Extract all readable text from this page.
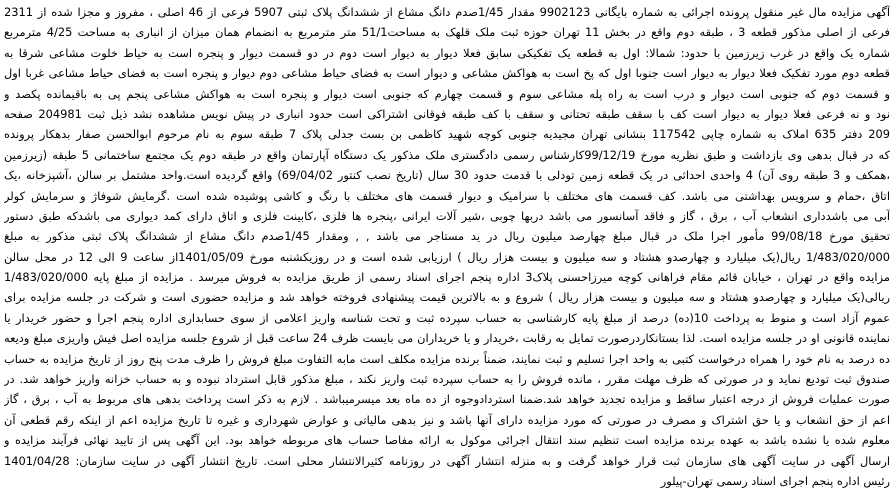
آگهی مزایده مال غیر منقول پرونده اجرائی به شماره بایگانی 9902123 مقدار 1/45صدم دانگ مشاع از ششدانگ پلاک ثبتی 5907 فرعی از 46 اصلی ، مفروز و مجزا شده از 2311
فرعی از اصلی مذکور قطعه 3 ، طبقه دوم واقع در بخش 11 تهران حوزه ثبت ملک قلهک به مساحت51/1 متر مترمربع به انضمام همان میزان از انباری به مساحت 4/25 مترمربع
شماره یک واقع در غرب زیرزمین با حدود: شمالا: اول به قطعه یک تفکیکی سابق فعلا دیوار به دیوار است دوم در دو قسمت دیوار و پنجره است به حیاط خلوت مشاعی شرقا به
قطعه دوم مورد تفکیک فعلا دیوار به دیوار است جنوبا اول که پخ است به هواکش مشاعی و دیوار است به فضای حیاط مشاعی دوم دیوار و پنجره است به فضای حیاط مشاعی غربا اول
و قسمت دوم که جنوبی است دیوار و درب است به راه پله مشاعی سوم و قسمت چهارم که جنوبی است دیوار و پنجره است به هواکش مشاعی پنجم پی به باقیمانده پکصد و
نود و نه فرعی فعلا دیوار به دیوار است کف با سقف طبقه تحتانی و سقف با کف طبقه فوقانی اشتراکی است حدود انباری در پیش نویس مشاهده نشد ذیل ثبت 204981 صفحه
209 دفتر 635 املاک به شماره چاپی 117542 بنشانی تهران مجیدیه جنوبی کوچه شهید کاظمی بن بست جدلی پلاک 7 طبقه سوم به نام مرحوم ابوالحسن صفار بدهکار پرونده
که در قبال بدهی وی بازداشت و طبق نظریه مورخ 99/12/19کارشناس رسمی دادگستری ملک مذکور یک دستگاه آپارتمان واقع در طبقه دوم یک مجتمع ساختمانی 5 طبقه (زیرزمین
،همکف و 3 طبقه روی آن) 4 واحدی احداثی در یک قطعه زمین تودلی با قدمت حدود 30 سال (تاریخ نصب کنتور 69/04/02) واقع گردیده است.واحد مشتمل بر سالن ،آشپزخانه ،یک
اتاق ،حمام و سرویس بهداشتی می باشد. کف قسمت های مختلف با سرامیک و دیوار قسمت های مختلف با رنگ و کاشی پوشیده شده است .گرمایش شوفاژ و سرمایش کولر
آبی می باشدداری انشعاب آب ، برق ، گاز و فاقد آسانسور می باشد دربها چوبی ،شیر آلات ایرانی ،پنجره ها فلزی ،کابینت فلزی و اتاق دارای کمد دیواری می باشدکه طبق دستور
تحقیق مورخ 99/08/18 مأمور اجرا ملک در قبال مبلغ چهارصد میلیون ریال در ید مستاجر می باشد , , ومقدار 1/45صدم دانگ مشاع از ششدانگ پلاک ثبتی مذکور به مبلغ
1/483/020/000 ریال(یک میلیارد و چهارصدو هشتاد و سه میلیون و بیست هزار ریال ) ارزیابی شده است و در روزیکشنبه مورخ 1401/05/09از ساعت 9 الی 12 در محل سالن
مزایده واقع در تهران ، خیابان قائم مقام فراهانی کوچه میرزاحسنی پلاک3 اداره پنجم اجرای اسناد رسمی از طریق مزایده به فروش میرسد . مزایده از مبلغ پایه 1/483/020/000
ریالی(یک میلیارد و چهارصدو هشتاد و سه میلیون و بیست هزار ریال ) شروع و به بالاترین قیمت پیشنهادی فروخته خواهد شد و مزایده حضوری است و شرکت در جلسه مزایده برای
عموم آزاد است و منوط به پرداخت 10(ده) درصد از مبلغ پایه کارشناسی به حساب سپرده ثبت و تحت شناسه واریز اعلامی از سوی حسابداری اداره پنجم اجرا و حضور خریدار یا
نماینده قانونی او در جلسه مزایده است. لذا بستانکاردرصورت تمایل به رقابت ،خریدار و یا خریداران می بایست ظرف 24 ساعت قبل از شروع جلسه مزایده اصل فیش واریزی مبلغ ودیعه
ده درصد به نام خود را همراه درخواست کتبی به واحد اجرا تسلیم و ثبت نمایند، ضمناً برنده مزایده مکلف است مابه التفاوت مبلغ فروش را ظرف مدت پنج روز از تاریخ مزایده به حساب
صندوق ثبت تودیع نماید و در صورتی که ظرف مهلت مقرر ، مانده فروش را به حساب سپرده ثبت واریز نکند ، مبلغ مذکور قابل استرداد نبوده و به حساب خزانه واریز خواهد شد. در
صورت عملیات فروش از درجه اعتبار ساقط و مزایده تجدید خواهد شد.ضمنا استردادوجوه از ده ماه بعد میسرمیباشد . لازم به ذکر است پرداخت بدهی های مربوط به آب ، برق ، گاز
اعم از حق انشعاب و یا حق اشتراک و مصرف در صورتی که مورد مزایده دارای آنها باشد و نیز بدهی مالیاتی و عوارض شهرداری و غیره تا تاریخ مزایده اعم از اینکه رقم قطعی آن
معلوم شده یا نشده باشد به عهده برنده مزایده است تنظیم سند انتقال اجرائی موکول به ارائه مفاصا حساب های مربوطه خواهد بود. این آگهی پس از تایید نهائی فرآیند مزایده و
ارسال آگهی در سایت آگهی های سازمان ثبت قرار خواهد گرفت و به منزله انتشار آگهی در روزنامه کثیرالانتشار محلی است. تاریخ انتشار آگهی در سایت سازمان: 1401/04/28
رئیس اداره پنجم اجرای اسناد رسمی تهران-پیلور
